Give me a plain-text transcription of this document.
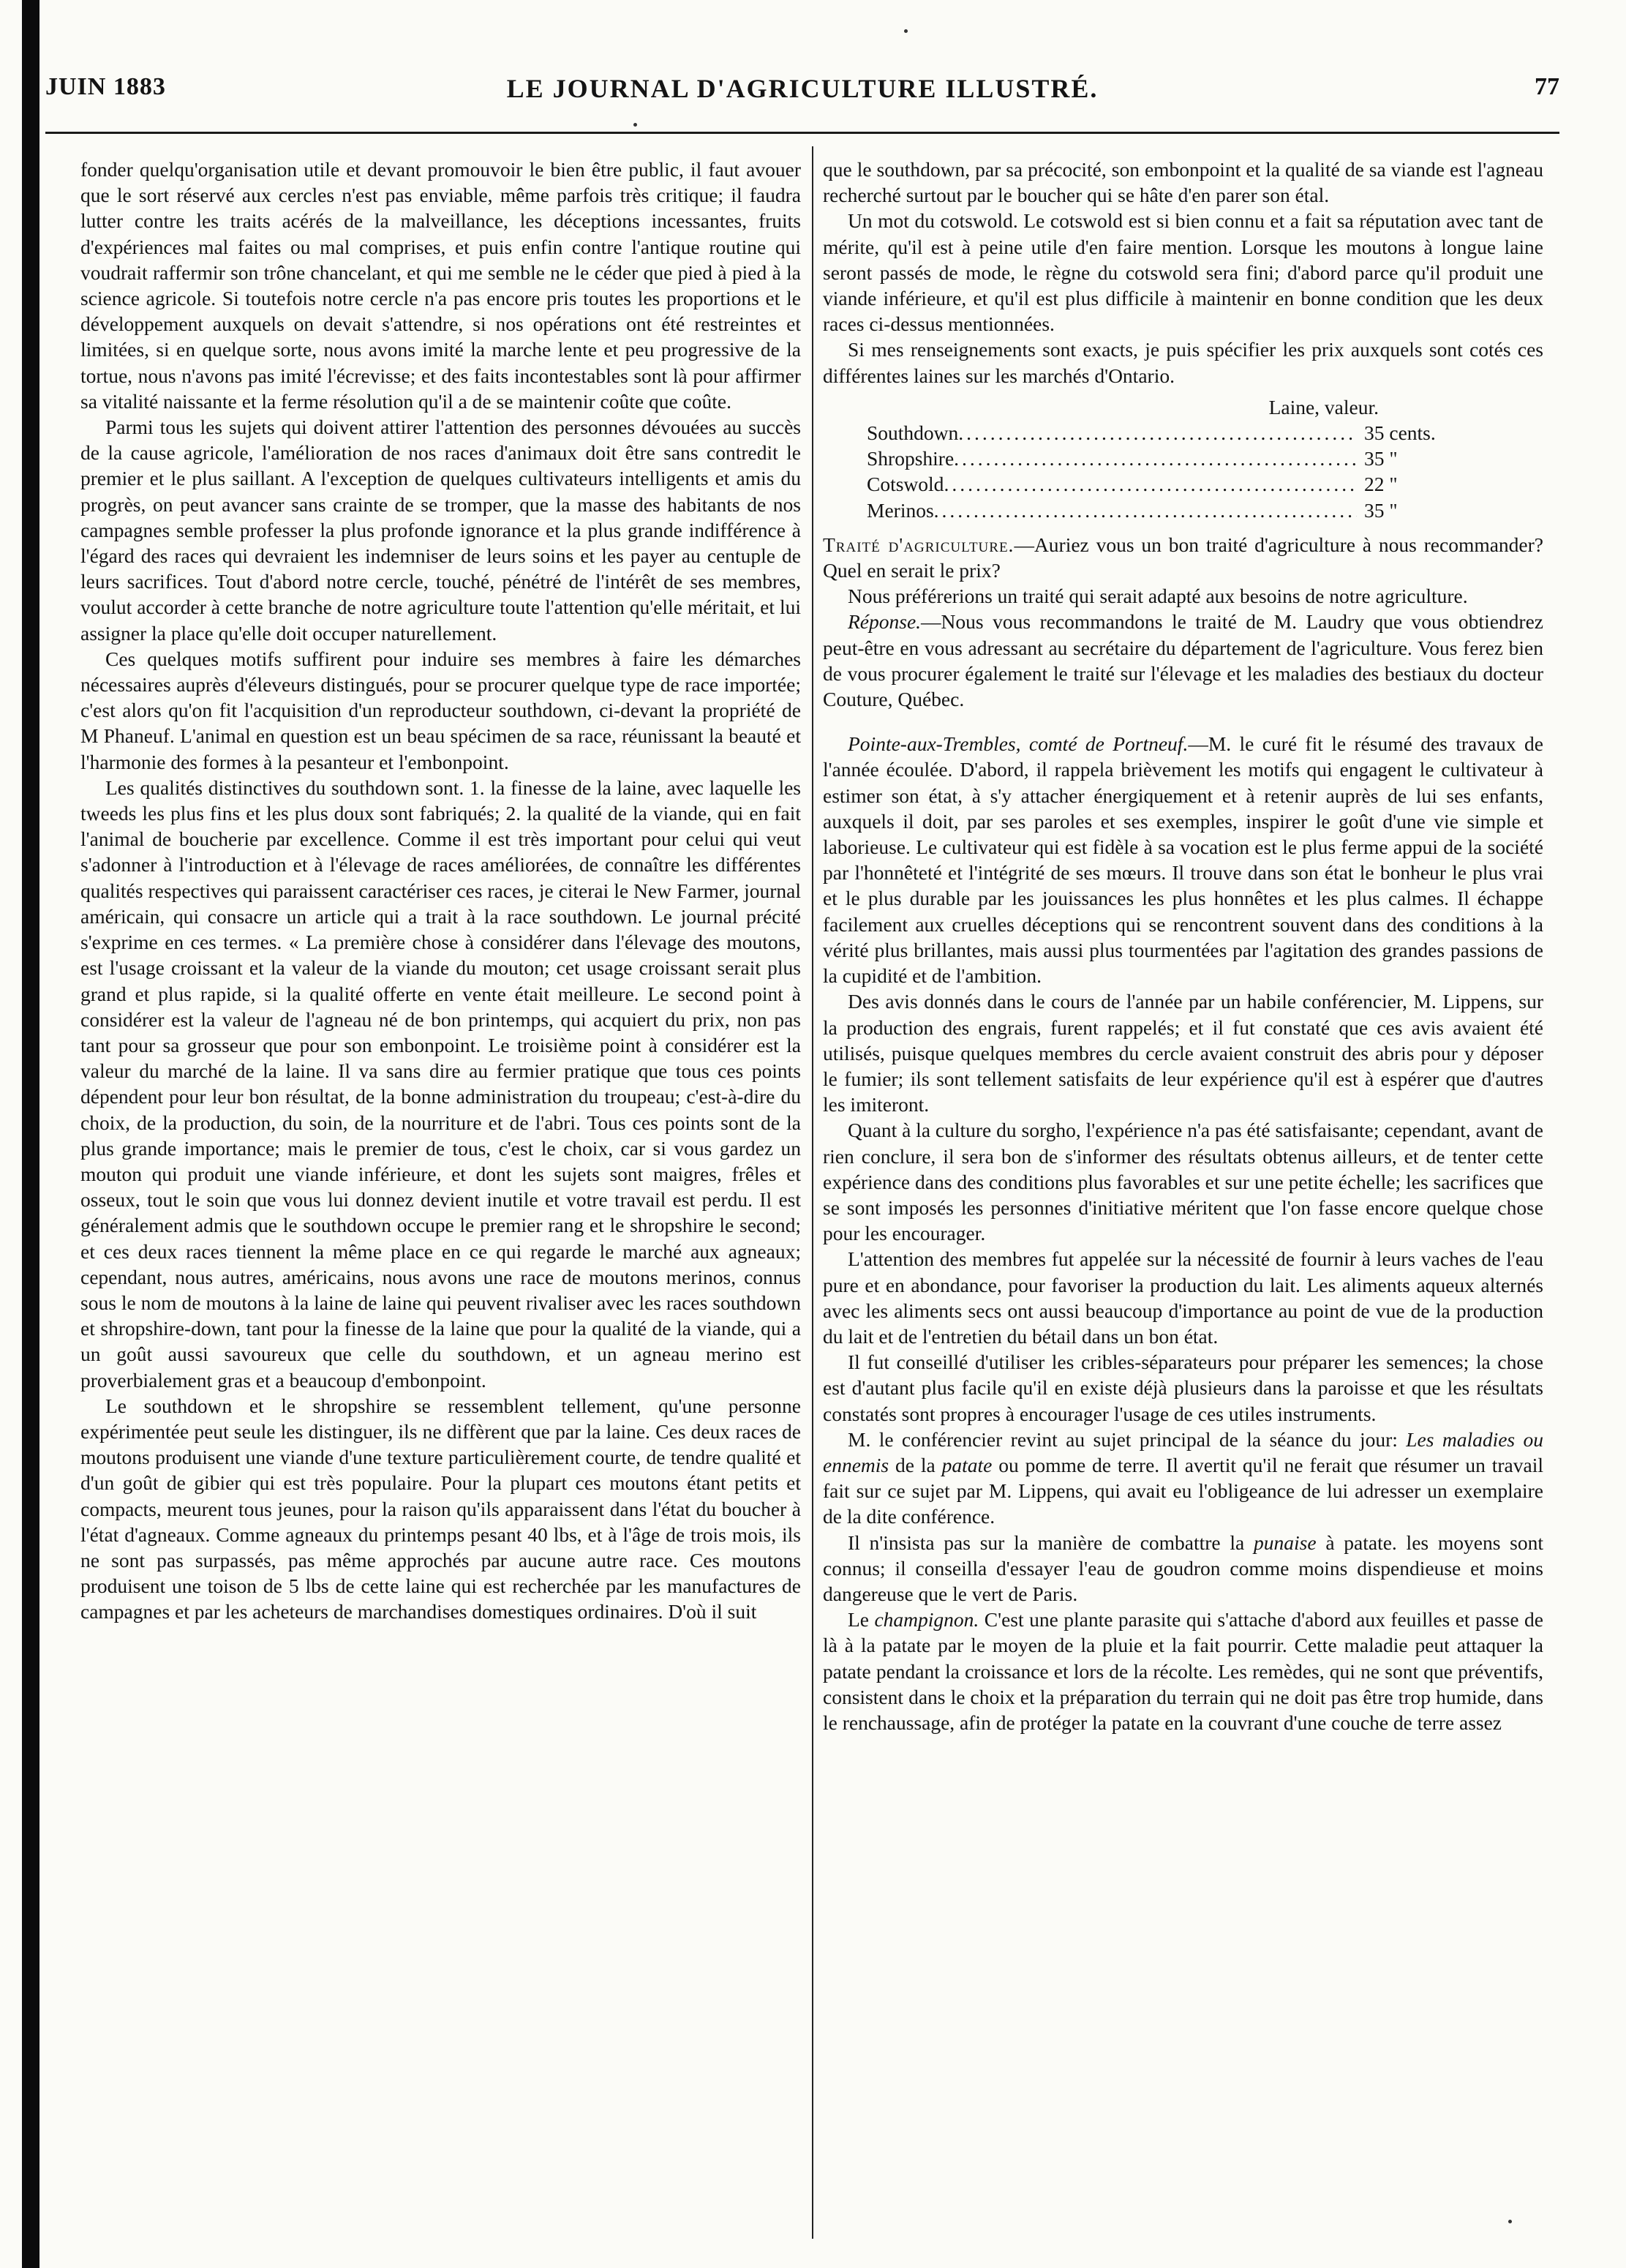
JUIN 1883	LE JOURNAL D'AGRICULTURE ILLUSTRÉ.	77

fonder quelqu'organisation utile et devant promouvoir le bien être public, il faut avouer que le sort réservé aux cercles n'est pas enviable, même parfois très critique; il faudra lutter contre les traits acérés de la malveillance, les déceptions incessantes, fruits d'expériences mal faites ou mal comprises, et puis enfin contre l'antique routine qui voudrait raffermir son trône chancelant, et qui me semble ne le céder que pied à pied à la science agricole. Si toutefois notre cercle n'a pas encore pris toutes les proportions et le développement auxquels on devait s'attendre, si nos opérations ont été restreintes et limitées, si en quelque sorte, nous avons imité la marche lente et peu progressive de la tortue, nous n'avons pas imité l'écrevisse; et des faits incontestables sont là pour affirmer sa vitalité naissante et la ferme résolution qu'il a de se maintenir coûte que coûte.

Parmi tous les sujets qui doivent attirer l'attention des personnes dévouées au succès de la cause agricole, l'amélioration de nos races d'animaux doit être sans contredit le premier et le plus saillant. A l'exception de quelques cultivateurs intelligents et amis du progrès, on peut avancer sans crainte de se tromper, que la masse des habitants de nos campagnes semble professer la plus profonde ignorance et la plus grande indifférence à l'égard des races qui devraient les indemniser de leurs soins et les payer au centuple de leurs sacrifices. Tout d'abord notre cercle, touché, pénétré de l'intérêt de ses membres, voulut accorder à cette branche de notre agriculture toute l'attention qu'elle méritait, et lui assigner la place qu'elle doit occuper naturellement.

Ces quelques motifs suffirent pour induire ses membres à faire les démarches nécessaires auprès d'éleveurs distingués, pour se procurer quelque type de race importée; c'est alors qu'on fit l'acquisition d'un reproducteur southdown, ci-devant la propriété de M Phaneuf. L'animal en question est un beau spécimen de sa race, réunissant la beauté et l'harmonie des formes à la pesanteur et l'embonpoint.

Les qualités distinctives du southdown sont. 1. la finesse de la laine, avec laquelle les tweeds les plus fins et les plus doux sont fabriqués; 2. la qualité de la viande, qui en fait l'animal de boucherie par excellence. Comme il est très important pour celui qui veut s'adonner à l'introduction et à l'élevage de races améliorées, de connaître les différentes qualités respectives qui paraissent caractériser ces races, je citerai le New Farmer, journal américain, qui consacre un article qui a trait à la race southdown. Le journal précité s'exprime en ces termes. « La première chose à considérer dans l'élevage des moutons, est l'usage croissant et la valeur de la viande du mouton; cet usage croissant serait plus grand et plus rapide, si la qualité offerte en vente était meilleure. Le second point à considérer est la valeur de l'agneau né de bon printemps, qui acquiert du prix, non pas tant pour sa grosseur que pour son embonpoint. Le troisième point à considérer est la valeur du marché de la laine. Il va sans dire au fermier pratique que tous ces points dépendent pour leur bon résultat, de la bonne administration du troupeau; c'est-à-dire du choix, de la production, du soin, de la nourriture et de l'abri. Tous ces points sont de la plus grande importance; mais le premier de tous, c'est le choix, car si vous gardez un mouton qui produit une viande inférieure, et dont les sujets sont maigres, frêles et osseux, tout le soin que vous lui donnez devient inutile et votre travail est perdu. Il est généralement admis que le southdown occupe le premier rang et le shropshire le second; et ces deux races tiennent la même place en ce qui regarde le marché aux agneaux; cependant, nous autres, américains, nous avons une race de moutons merinos, connus sous le nom de moutons à la laine de laine qui peuvent rivaliser avec les races southdown et shropshire-down, tant pour la finesse de la laine que pour la qualité de la viande, qui a un goût aussi savoureux que celle du southdown, et un agneau merino est proverbialement gras et a beaucoup d'embonpoint.

Le southdown et le shropshire se ressemblent tellement, qu'une personne expérimentée peut seule les distinguer, ils ne diffèrent que par la laine. Ces deux races de moutons produisent une viande d'une texture particulièrement courte, de tendre qualité et d'un goût de gibier qui est très populaire. Pour la plupart ces moutons étant petits et compacts, meurent tous jeunes, pour la raison qu'ils apparaissent dans l'état du boucher à l'état d'agneaux. Comme agneaux du printemps pesant 40 lbs, et à l'âge de trois mois, ils ne sont pas surpassés, pas même approchés par aucune autre race. Ces moutons produisent une toison de 5 lbs de cette laine qui est recherchée par les manufactures de campagnes et par les acheteurs de marchandises domestiques ordinaires. D'où il suit

que le southdown, par sa précocité, son embonpoint et la qualité de sa viande est l'agneau recherché surtout par le boucher qui se hâte d'en parer son étal.

Un mot du cotswold. Le cotswold est si bien connu et a fait sa réputation avec tant de mérite, qu'il est à peine utile d'en faire mention. Lorsque les moutons à longue laine seront passés de mode, le règne du cotswold sera fini; d'abord parce qu'il produit une viande inférieure, et qu'il est plus difficile à maintenir en bonne condition que les deux races ci-dessus mentionnées.

Si mes renseignements sont exacts, je puis spécifier les prix auxquels sont cotés ces différentes laines sur les marchés d'Ontario.

Laine, valeur.
Southdown .....	35 cents.
Shropshire .....	35 "
Cotswold .....	22 "
Merinos .....	35 "

Traité d'agriculture.—Auriez vous un bon traité d'agriculture à nous recommander? Quel en serait le prix?

Nous préférerions un traité qui serait adapté aux besoins de notre agriculture.

Réponse.—Nous vous recommandons le traité de M. Laudry que vous obtiendrez peut-être en vous adressant au secrétaire du département de l'agriculture. Vous ferez bien de vous procurer également le traité sur l'élevage et les maladies des bestiaux du docteur Couture, Québec.

Pointe-aux-Trembles, comté de Portneuf.—M. le curé fit le résumé des travaux de l'année écoulée. D'abord, il rappela brièvement les motifs qui engagent le cultivateur à estimer son état, à s'y attacher énergiquement et à retenir auprès de lui ses enfants, auxquels il doit, par ses paroles et ses exemples, inspirer le goût d'une vie simple et laborieuse. Le cultivateur qui est fidèle à sa vocation est le plus ferme appui de la société par l'honnêteté et l'intégrité de ses mœurs. Il trouve dans son état le bonheur le plus vrai et le plus durable par les jouissances les plus honnêtes et les plus calmes. Il échappe facilement aux cruelles déceptions qui se rencontrent souvent dans des conditions à la vérité plus brillantes, mais aussi plus tourmentées par l'agitation des grandes passions de la cupidité et de l'ambition.

Des avis donnés dans le cours de l'année par un habile conférencier, M. Lippens, sur la production des engrais, furent rappelés; et il fut constaté que ces avis avaient été utilisés, puisque quelques membres du cercle avaient construit des abris pour y déposer le fumier; ils sont tellement satisfaits de leur expérience qu'il est à espérer que d'autres les imiteront.

Quant à la culture du sorgho, l'expérience n'a pas été satisfaisante; cependant, avant de rien conclure, il sera bon de s'informer des résultats obtenus ailleurs, et de tenter cette expérience dans des conditions plus favorables et sur une petite échelle; les sacrifices que se sont imposés les personnes d'initiative méritent que l'on fasse encore quelque chose pour les encourager.

L'attention des membres fut appelée sur la nécessité de fournir à leurs vaches de l'eau pure et en abondance, pour favoriser la production du lait. Les aliments aqueux alternés avec les aliments secs ont aussi beaucoup d'importance au point de vue de la production du lait et de l'entretien du bétail dans un bon état.

Il fut conseillé d'utiliser les cribles-séparateurs pour préparer les semences; la chose est d'autant plus facile qu'il en existe déjà plusieurs dans la paroisse et que les résultats constatés sont propres à encourager l'usage de ces utiles instruments.

M. le conférencier revint au sujet principal de la séance du jour: Les maladies ou ennemis de la patate ou pomme de terre. Il avertit qu'il ne ferait que résumer un travail fait sur ce sujet par M. Lippens, qui avait eu l'obligeance de lui adresser un exemplaire de la dite conférence.

Il n'insista pas sur la manière de combattre la punaise à patate. les moyens sont connus; il conseilla d'essayer l'eau de goudron comme moins dispendieuse et moins dangereuse que le vert de Paris.

Le champignon. C'est une plante parasite qui s'attache d'abord aux feuilles et passe de là à la patate par le moyen de la pluie et la fait pourrir. Cette maladie peut attaquer la patate pendant la croissance et lors de la récolte. Les remèdes, qui ne sont que préventifs, consistent dans le choix et la préparation du terrain qui ne doit pas être trop humide, dans le renchaussage, afin de protéger la patate en la couvrant d'une couche de terre assez
